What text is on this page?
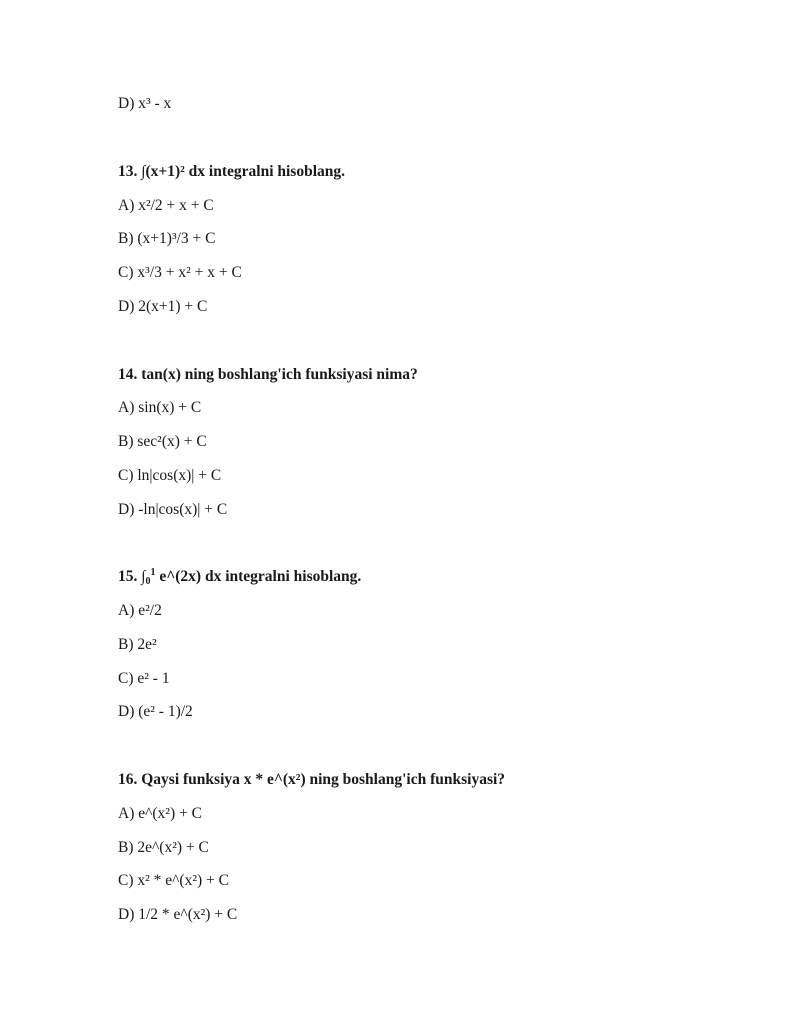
D) x³ - x
13. ∫(x+1)² dx integralni hisoblang.
A) x²/2 + x + C
B) (x+1)³/3 + C
C) x³/3 + x² + x + C
D) 2(x+1) + C
14. tan(x) ning boshlang'ich funksiyasi nima?
A) sin(x) + C
B) sec²(x) + C
C) ln|cos(x)| + C
D) -ln|cos(x)| + C
15. $\int_0^1$ e^(2x) dx integralni hisoblang.
A) e²/2
B) 2e²
C) e² - 1
D) (e² - 1)/2
16. Qaysi funksiya x * e^(x²) ning boshlang'ich funksiyasi?
A) e^(x²) + C
B) 2e^(x²) + C
C) x² * e^(x²) + C
D) 1/2 * e^(x²) + C
